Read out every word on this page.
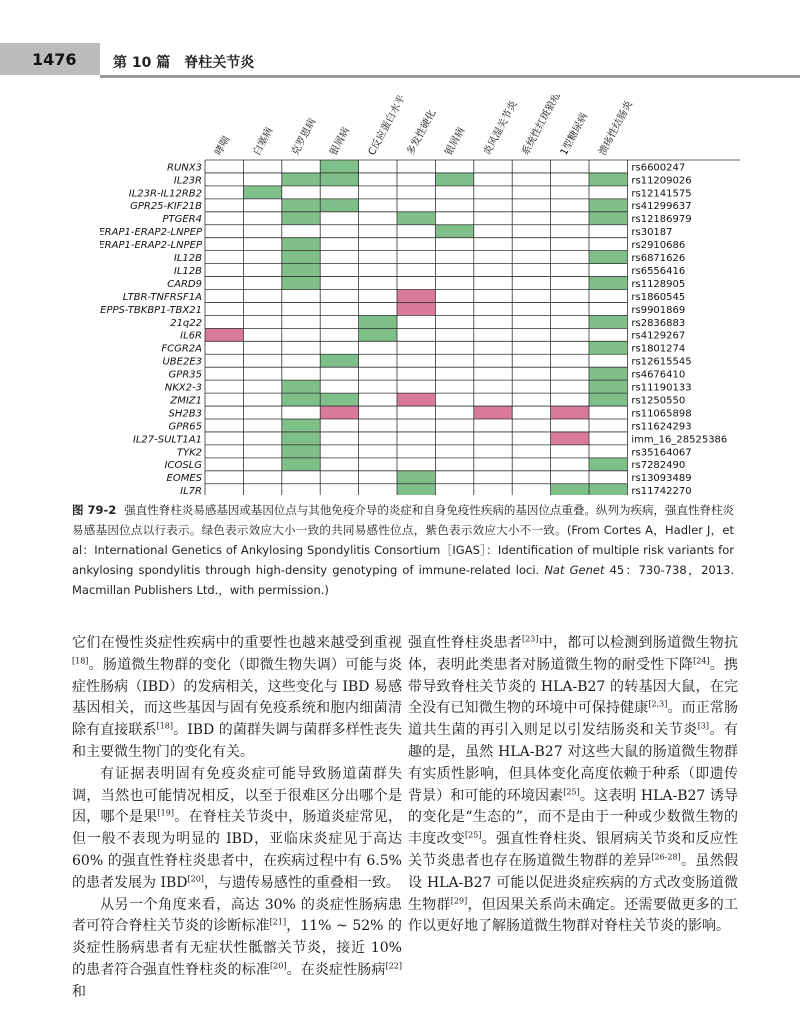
1476	第 10 篇　脊柱关节炎
RUNX3	rs6600247
IL23R	rs11209026
IL23R-IL12RB2	rs12141575
GPR25-KIF21B	rs41299637
PTGER4	rs12186979
ERAP1-ERAP2-LNPEP	rs30187
ERAP1-ERAP2-LNPEP	rs2910686
IL12B	rs6871626
IL12B	rs6556416
CARD9	rs1128905
LTBR-TNFRSF1A	rs1860545
EPPS-TBKBP1-TBX21	rs9901869
21q22	rs2836883
IL6R	rs4129267
FCGR2A	rs1801274
UBE2E3	rs12615545
GPR35	rs4676410
NKX2-3	rs11190133
ZMIZ1	rs1250550
SH2B3	rs11065898
GPR65	rs11624293
IL27-SULT1A1	imm_16_28525386
TYK2	rs35164067
ICOSLG	rs7282490
EOMES	rs13093489
IL7R	rs11742270
哮喘 白塞病 克罗恩病 银屑病 C反应蛋白水平
多发性硬化 银屑病 炎风湿关节炎 系统性红斑狼疮
1型糖尿病 溃疡性结肠炎
图 79-2 强直性脊柱炎易感基因或基因位点与其他免疫介导的炎症和自身免疫性疾病的基因位点重叠。纵列为疾病，强直性脊柱炎易感基因位点以行表示。绿色表示效应大小一致的共同易感性位点，紫色表示效应大小不一致。(From Cortes A，Hadler J，et al：International Genetics of Ankylosing Spondylitis Consortium［IGAS］：Identification of multiple risk variants for ankylosing spondylitis through high-density genotyping of immune-related loci. Nat Genet 45：730-738，2013. Macmillan Publishers Ltd.，with permission.)

它们在慢性炎症性疾病中的重要性也越来越受到重视[18]。肠道微生物群的变化（即微生物失调）可能与炎症性肠病（IBD）的发病相关，这些变化与 IBD 易感基因相关，而这些基因与固有免疫系统和胞内细菌清除有直接联系[18]。IBD 的菌群失调与菌群多样性丧失和主要微生物门的变化有关。

有证据表明固有免疫炎症可能导致肠道菌群失调，当然也可能情况相反，以至于很难区分出哪个是因，哪个是果[19]。在脊柱关节炎中，肠道炎症常见，但一般不表现为明显的 IBD，亚临床炎症见于高达 60% 的强直性脊柱炎患者中，在疾病过程中有 6.5% 的患者发展为 IBD[20]，与遗传易感性的重叠相一致。

从另一个角度来看，高达 30% 的炎症性肠病患者可符合脊柱关节炎的诊断标准[21]，11% ~ 52% 的炎症性肠病患者有无症状性骶髂关节炎，接近 10% 的患者符合强直性脊柱炎的标准[20]。在炎症性肠病[22]和

强直性脊柱炎患者[23]中，都可以检测到肠道微生物抗体，表明此类患者对肠道微生物的耐受性下降[24]。携带导致脊柱关节炎的 HLA-B27 的转基因大鼠，在完全没有已知微生物的环境中可保持健康[2,3]。而正常肠道共生菌的再引入则足以引发结肠炎和关节炎[3]。有趣的是，虽然 HLA-B27 对这些大鼠的肠道微生物群有实质性影响，但具体变化高度依赖于种系（即遗传背景）和可能的环境因素[25]。这表明 HLA-B27 诱导的变化是“生态的”，而不是由于一种或少数微生物的丰度改变[25]。强直性脊柱炎、银屑病关节炎和反应性关节炎患者也存在肠道微生物群的差异[26-28]。虽然假设 HLA-B27 可能以促进炎症疾病的方式改变肠道微生物群[29]，但因果关系尚未确定。还需要做更多的工作以更好地了解肠道微生物群对脊柱关节炎的影响。
